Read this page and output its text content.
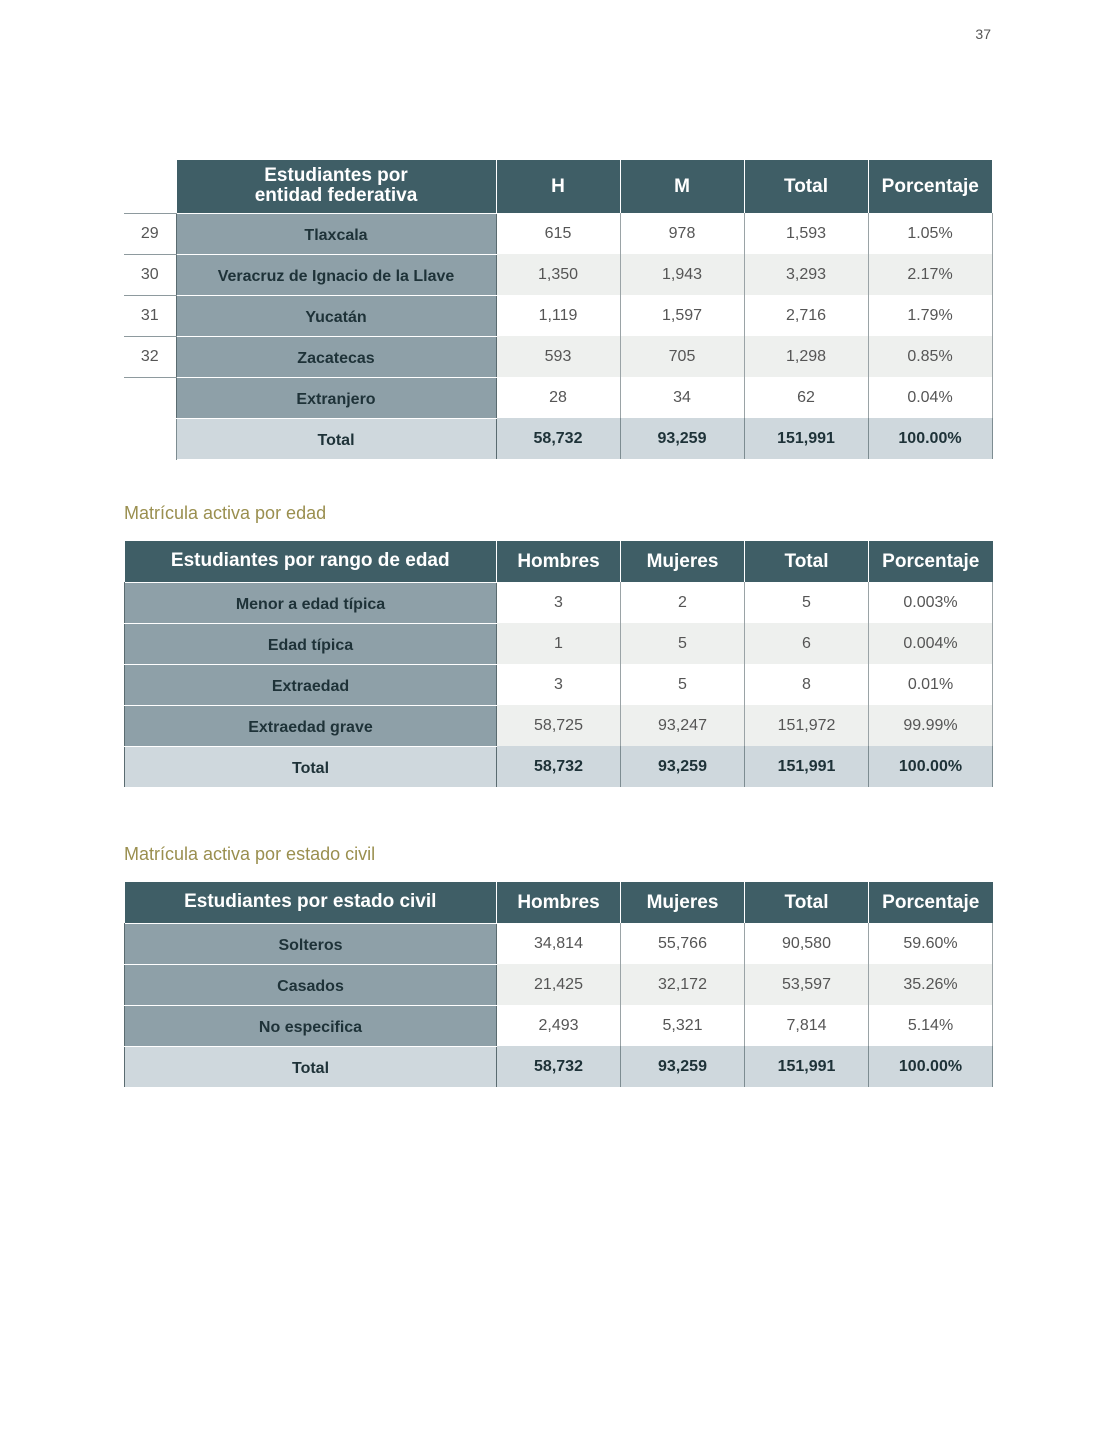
37
	Estudiantes por
entidad federativa	H	M	Total	Porcentaje
29	Tlaxcala	615	978	1,593	1.05%
30	Veracruz de Ignacio de la Llave	1,350	1,943	3,293	2.17%
31	Yucatán	1,119	1,597	2,716	1.79%
32	Zacatecas	593	705	1,298	0.85%
	Extranjero	28	34	62	0.04%
	Total	58,732	93,259	151,991	100.00%
Matrícula activa por edad
Estudiantes por rango de edad	Hombres	Mujeres	Total	Porcentaje
Menor a edad típica	3	2	5	0.003%
Edad típica	1	5	6	0.004%
Extraedad	3	5	8	0.01%
Extraedad grave	58,725	93,247	151,972	99.99%
Total	58,732	93,259	151,991	100.00%
Matrícula activa por estado civil
Estudiantes por estado civil	Hombres	Mujeres	Total	Porcentaje
Solteros	34,814	55,766	90,580	59.60%
Casados	21,425	32,172	53,597	35.26%
No especifica	2,493	5,321	7,814	5.14%
Total	58,732	93,259	151,991	100.00%
